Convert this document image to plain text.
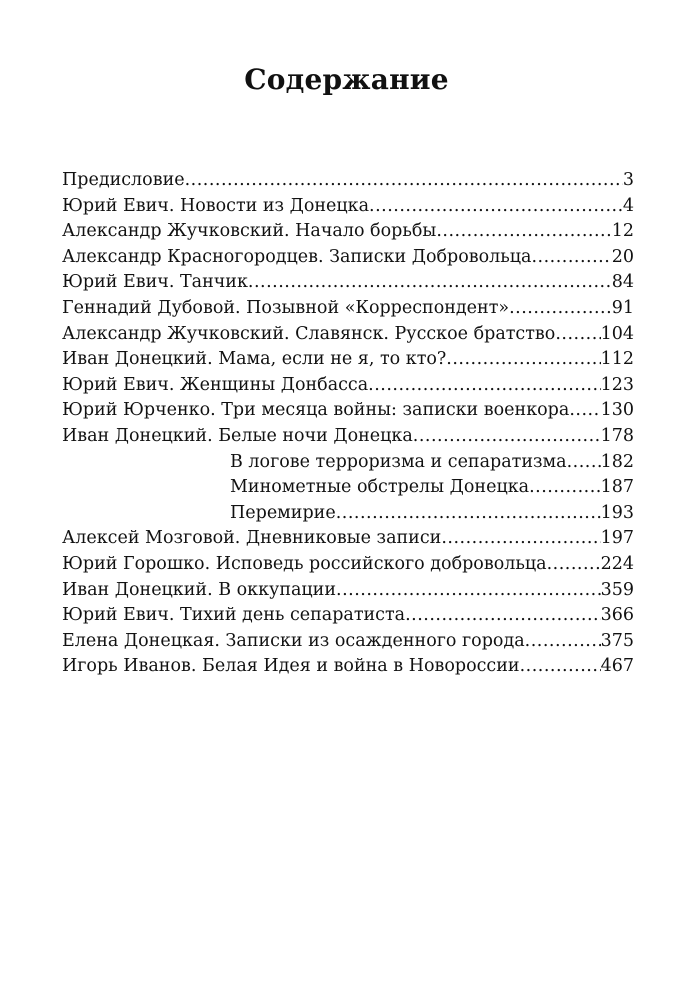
Содержание
Предисловие .....	3
Юрий Евич. Новости из Донецка .....	4
Александр Жучковский. Начало борьбы .....	12
Александр Красногородцев. Записки Добровольца .....	20
Юрий Евич. Танчик .....	84
Геннадий Дубовой. Позывной «Корреспондент» .....	91
Александр Жучковский. Славянск. Русское братство .....	104
Иван Донецкий. Мама, если не я, то кто? .....	112
Юрий Евич. Женщины Донбасса .....	123
Юрий Юрченко. Три месяца войны: записки военкора ..... 130
Иван Донецкий. Белые ночи Донецка .....	178
В логове терроризма и сепаратизма ..... 182
Минометные обстрелы Донецка .....	187
Перемирие .....	193
Алексей Мозговой. Дневниковые записи .....	197
Юрий Горошко. Исповедь российского добровольца .....	224
Иван Донецкий. В оккупации .....	359
Юрий Евич. Тихий день сепаратиста .....	366
Елена Донецкая. Записки из осажденного города .....	375
Игорь Иванов. Белая Идея и война в Новороссии .....	467
